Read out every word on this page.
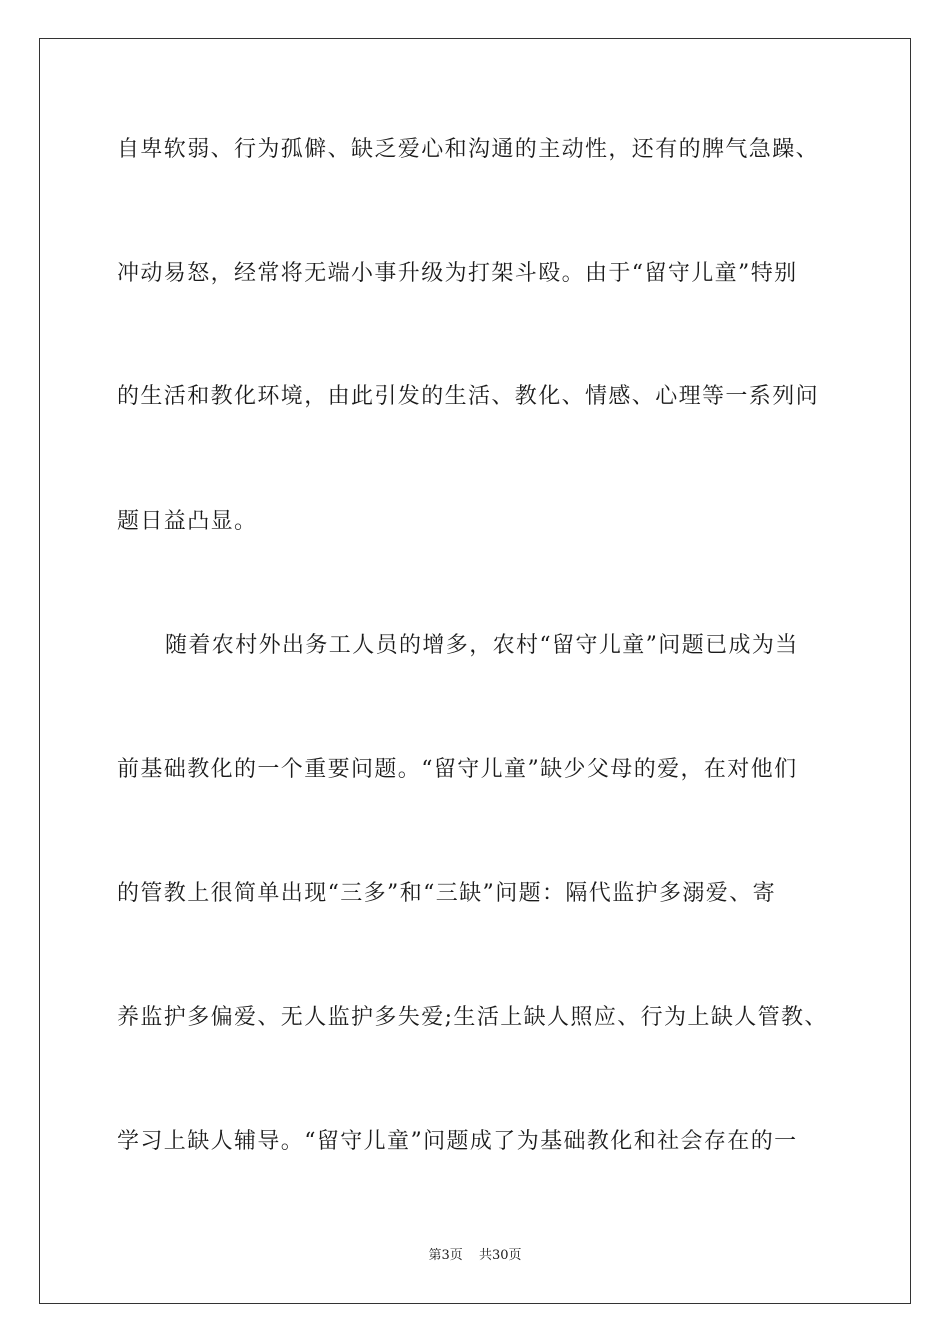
自卑软弱、行为孤僻、缺乏爱心和沟通的主动性，还有的脾气急躁、
冲动易怒，经常将无端小事升级为打架斗殴。由于“留守儿童”特别
的生活和教化环境，由此引发的生活、教化、情感、心理等一系列问
题日益凸显。
随着农村外出务工人员的增多，农村“留守儿童”问题已成为当
前基础教化的一个重要问题。“留守儿童”缺少父母的爱，在对他们
的管教上很简单出现“三多”和“三缺”问题：隔代监护多溺爱、寄
养监护多偏爱、无人监护多失爱;生活上缺人照应、行为上缺人管教、
学习上缺人辅导。“留守儿童”问题成了为基础教化和社会存在的一
第3页 共30页
